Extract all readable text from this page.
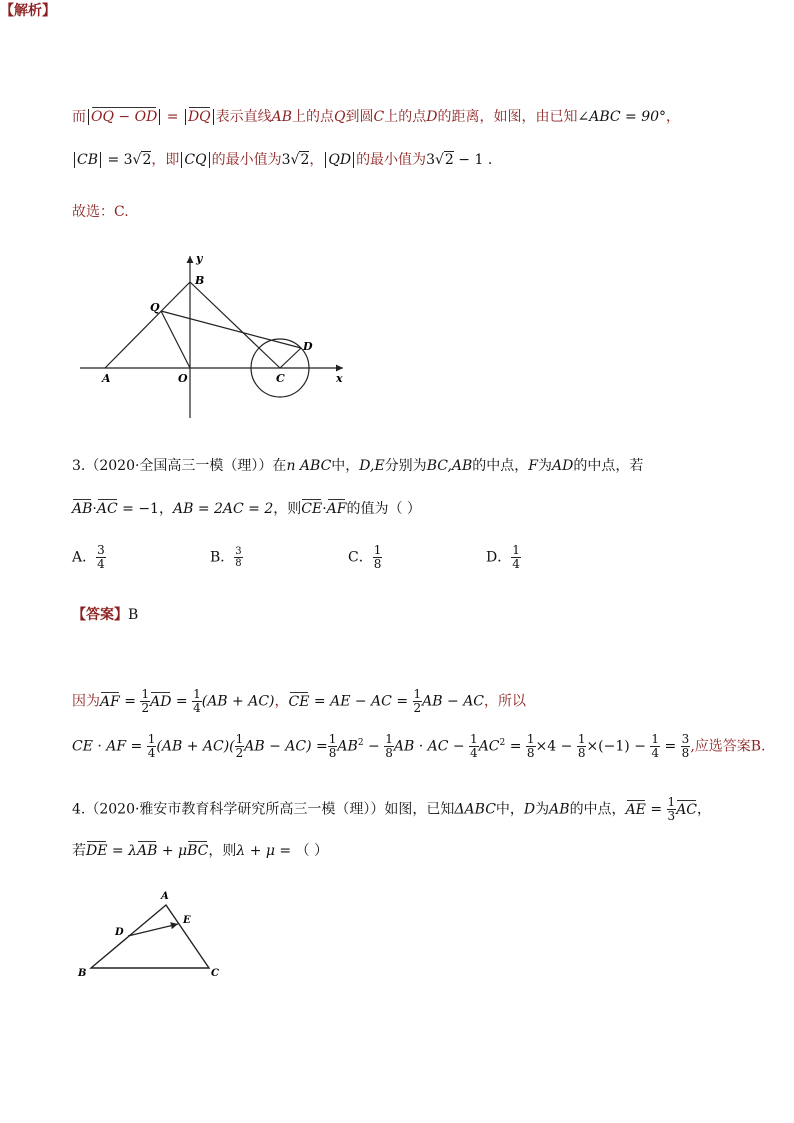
而 OQ − OD = DQ 表示直线AB上的点Q到圆C上的点D的距离，如图，由已知∠ABC = 90°，
CB = 3√2，即 CQ 的最小值为3√2， QD 的最小值为3√2 − 1 .
故选：C.
y
B
Q
D
A	O	C	x
3.（2020·全国高三一模（理））在n ABC中，D,E分别为BC,AB的中点，F为AD的中点，若
AB·AC = −1，AB = 2AC = 2，则CE·AF的值为（ ）
A． $\frac{3}{4}$	B． $\frac{3}{8}$	C． $\frac{1}{8}$	D． $\frac{1}{4}$
【答案】B
【解析】
因为AF = $\frac{1}{2}$ AD = $\frac{1}{4} (AB + AC)$，CE = AE − AC = $\frac{1}{2}$ AB − AC，所以
CE · AF = $\frac{1}{4} (AB + AC)( \frac{1}{2}$ AB − $AC) = \frac{1}{8} AB^2 - \frac{1}{8}$ AB · AC − $\frac{1}{4} AC^2 = \frac{1}{8} \times 4 - \frac{1}{8} \times(-1) - \frac{1}{4} = \frac{3}{8}$ ,应选答案B.
4.（2020·雅安市教育科学研究所高三一模（理））如图，已知ΔABC中，D为AB的中点，AE = $\frac{1}{3}$ AC，
若DE = λAB + μBC，则λ + μ = （ ）
A
E
D
B	C
